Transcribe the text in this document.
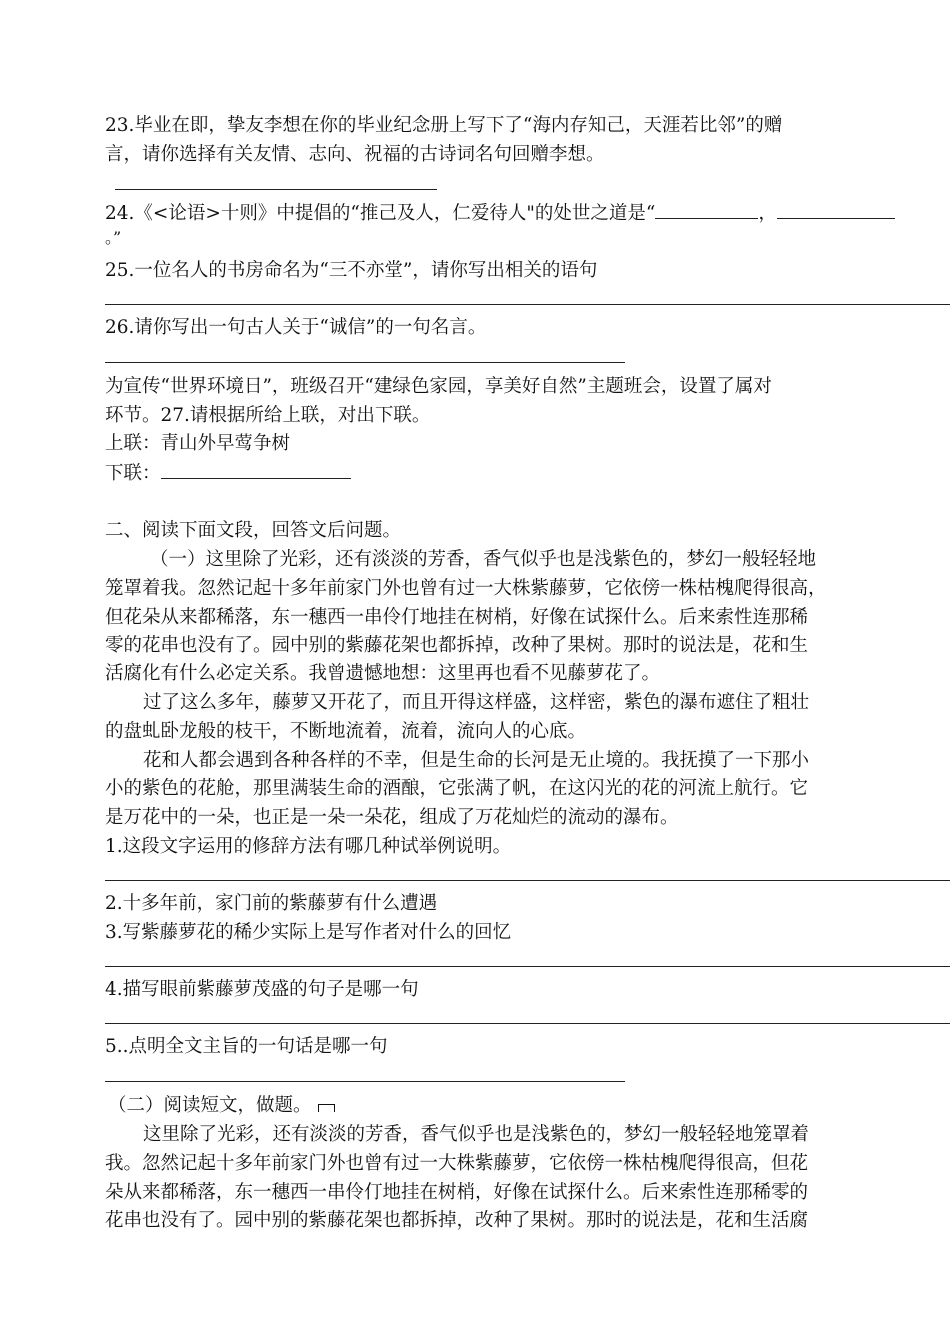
23.毕业在即，挚友李想在你的毕业纪念册上写下了“海内存知己，天涯若比邻”的赠
言，请你选择有关友情、志向、祝福的古诗词名句回赠李想。
24.《<论语>十则》中提倡的“推己及人，仁爱待人"的处世之道是“	，
。”
25.一位名人的书房命名为“三不亦堂”，请你写出相关的语句
26.请你写出一句古人关于“诚信”的一句名言。
为宣传“世界环境日”，班级召开“建绿色家园，享美好自然”主题班会，设置了属对
环节。27.请根据所给上联，对出下联。
上联：青山外早莺争树
下联：
二、阅读下面文段，回答文后问题。
（一）这里除了光彩，还有淡淡的芳香，香气似乎也是浅紫色的，梦幻一般轻轻地
笼罩着我。忽然记起十多年前家门外也曾有过一大株紫藤萝，它依傍一株枯槐爬得很高，
但花朵从来都稀落，东一穗西一串伶仃地挂在树梢，好像在试探什么。后来索性连那稀
零的花串也没有了。园中别的紫藤花架也都拆掉，改种了果树。那时的说法是，花和生
活腐化有什么必定关系。我曾遗憾地想：这里再也看不见藤萝花了。
过了这么多年，藤萝又开花了，而且开得这样盛，这样密，紫色的瀑布遮住了粗壮
的盘虬卧龙般的枝干，不断地流着，流着，流向人的心底。
花和人都会遇到各种各样的不幸，但是生命的长河是无止境的。我抚摸了一下那小
小的紫色的花舱，那里满装生命的酒酿，它张满了帆，在这闪光的花的河流上航行。它
是万花中的一朵，也正是一朵一朵花，组成了万花灿烂的流动的瀑布。
1.这段文字运用的修辞方法有哪几种试举例说明。
2.十多年前，家门前的紫藤萝有什么遭遇
3.写紫藤萝花的稀少实际上是写作者对什么的回忆
4.描写眼前紫藤萝茂盛的句子是哪一句
5..点明全文主旨的一句话是哪一句
（二）阅读短文，做题。
这里除了光彩，还有淡淡的芳香，香气似乎也是浅紫色的，梦幻一般轻轻地笼罩着
我。忽然记起十多年前家门外也曾有过一大株紫藤萝，它依傍一株枯槐爬得很高，但花
朵从来都稀落，东一穗西一串伶仃地挂在树梢，好像在试探什么。后来索性连那稀零的
花串也没有了。园中别的紫藤花架也都拆掉，改种了果树。那时的说法是，花和生活腐
